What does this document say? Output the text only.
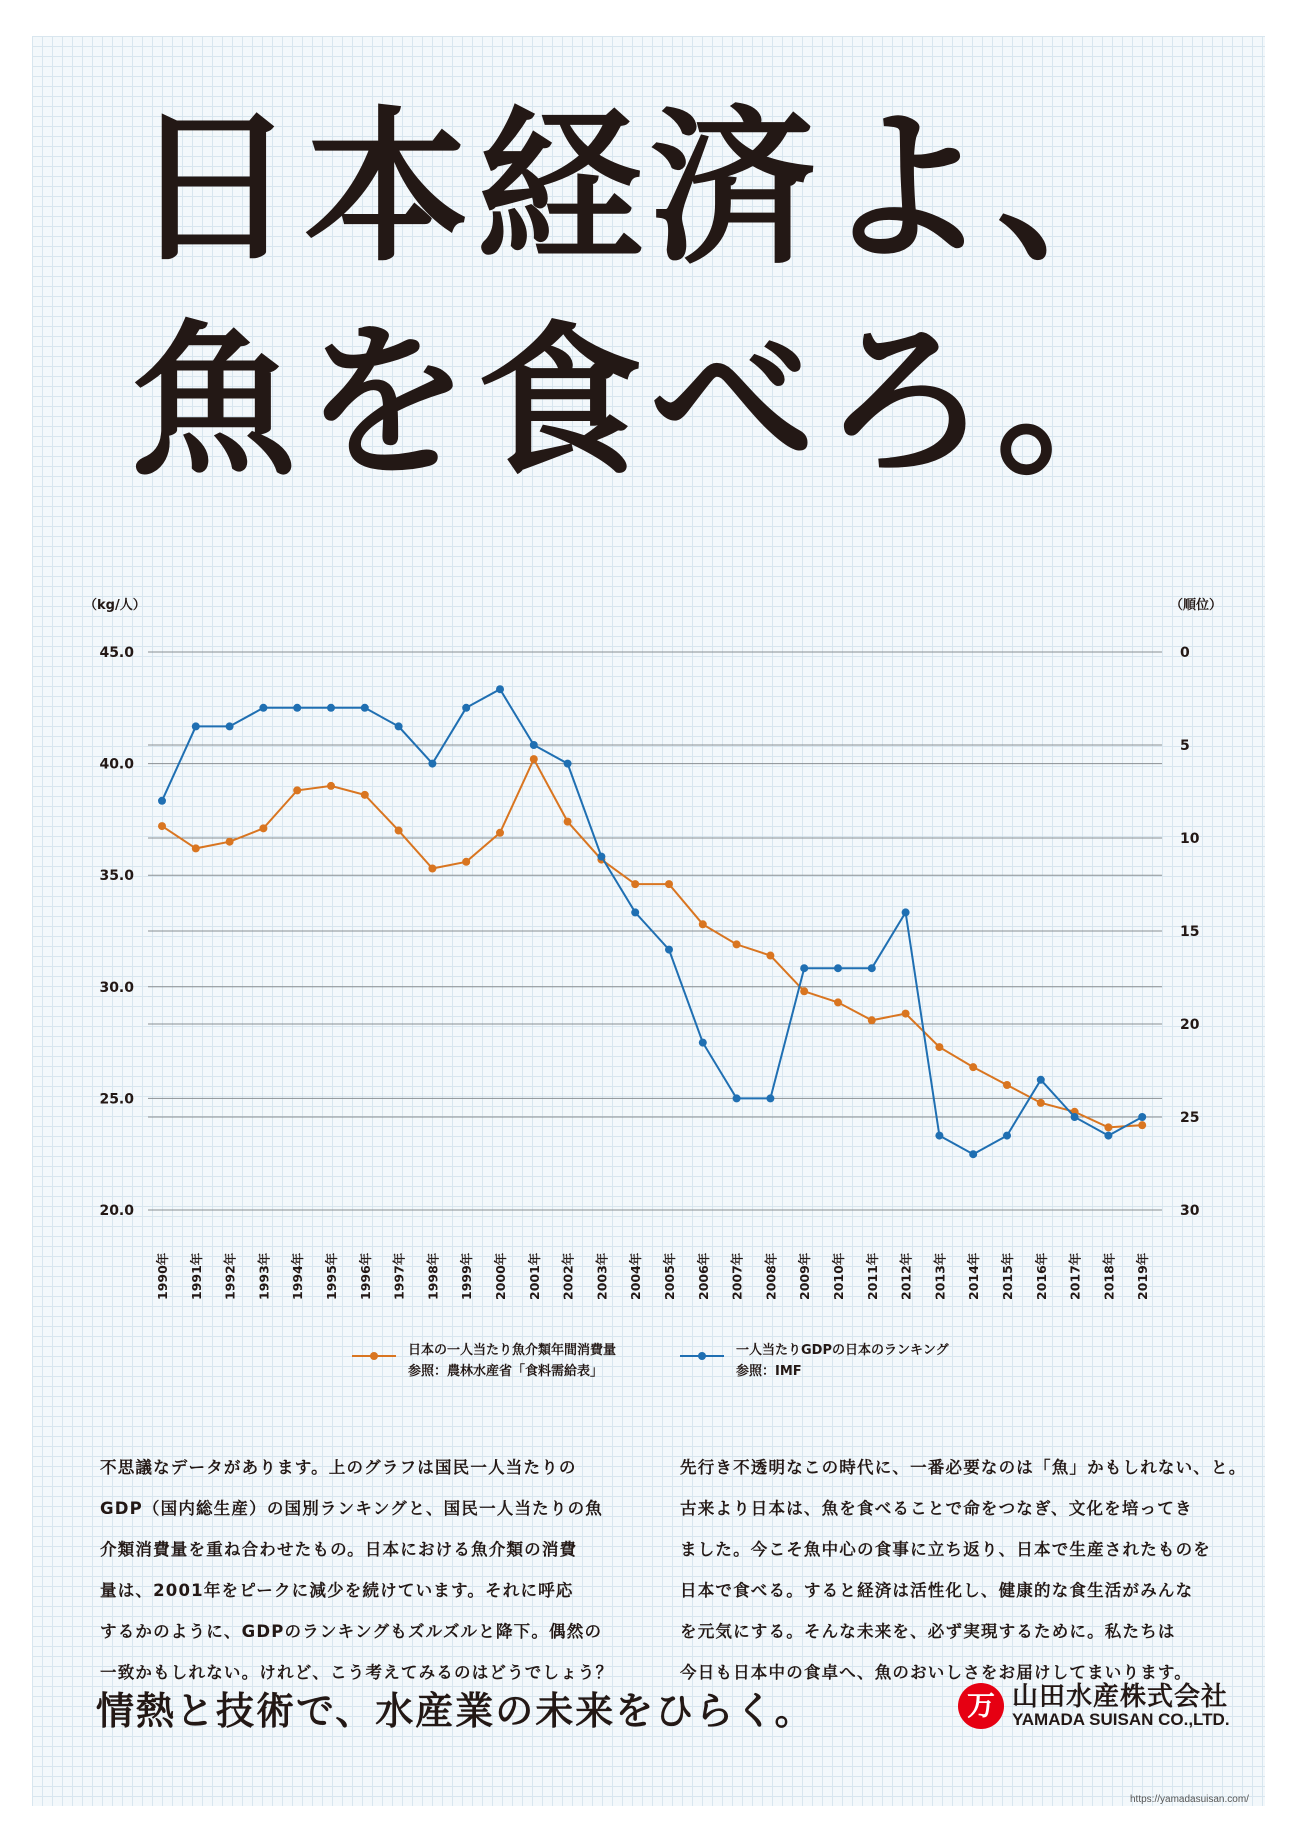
日本経済よ、
魚を食べろ。
（kg/人）	（順位）
45.0
40.0
35.0
30.0
25.0
20.0
0
5
10
15
20
25
30
1990年 1991年 1992年 1993年 1994年 1995年 1996年 1997年 1998年 1999年 2000年 2001年 2002年 2003年 2004年 2005年 2006年 2007年 2008年 2009年 2010年 2011年 2012年 2013年 2014年 2015年 2016年 2017年 2018年 2019年
日本の一人当たり魚介類年間消費量
参照：農林水産省「食料需給表」
一人当たりGDPの日本のランキング
参照：IMF

不思議なデータがあります。上のグラフは国民一人当たりの

GDP（国内総生産）の国別ランキングと、国民一人当たりの魚

介類消費量を重ね合わせたもの。日本における魚介類の消費

量は、2001年をピークに減少を続けています。それに呼応

するかのように、GDPのランキングもズルズルと降下。偶然の

一致かもしれない。けれど、こう考えてみるのはどうでしょう？

先行き不透明なこの時代に、一番必要なのは「魚」かもしれない、と。

古来より日本は、魚を食べることで命をつなぎ、文化を培ってき

ました。今こそ魚中心の食事に立ち返り、日本で生産されたものを

日本で食べる。すると経済は活性化し、健康的な食生活がみんな

を元気にする。そんな未来を、必ず実現するために。私たちは

今日も日本中の食卓へ、魚のおいしさをお届けしてまいります。

情熱と技術で、水産業の未来をひらく。	万 山田水産株式会社
YAMADA SUISAN CO.,LTD.
https://yamadasuisan.com/
